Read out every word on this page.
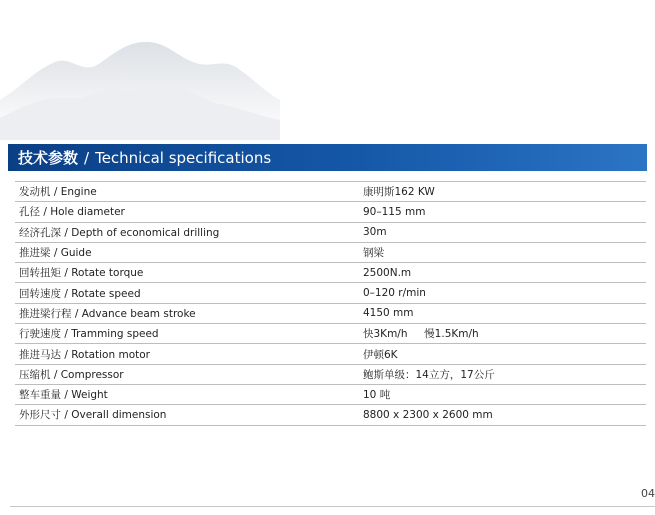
技术参数 / Technical specifications
发动机 / Engine	康明斯162 KW
孔径 / Hole diameter	90–115 mm
经济孔深 / Depth of economical drilling	30m
推进梁 / Guide	钢梁
回转扭矩 / Rotate torque	2500N.m
回转速度 / Rotate speed	0–120 r/min
推进梁行程 / Advance beam stroke	4150 mm
行驶速度 / Tramming speed	快3Km/h     慢1.5Km/h
推进马达 / Rotation motor	伊顿6K
压缩机 / Compressor	鲍斯单级：14立方，17公斤
整车重量 / Weight	10 吨
外形尺寸 / Overall dimension	8800 x 2300 x 2600 mm
04
